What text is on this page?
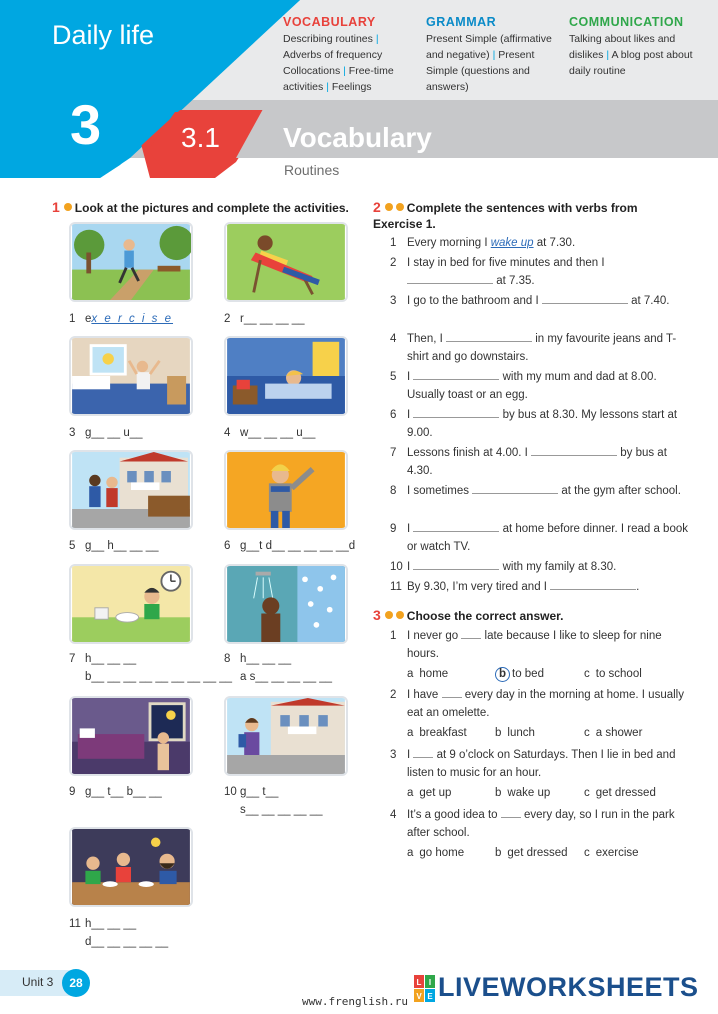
Daily life
3	3.1 Vocabulary
Routines
VOCABULARY
Describing routines | Adverbs of frequency Collocations | Free-time activities | Feelings
GRAMMAR
Present Simple (affirmative and negative) | Present Simple (questions and answers)
COMMUNICATION
Talking about likes and dislikes | A blog post about daily routine
1 Look at the pictures and complete the activities.
1 ex e r c i s e	2 r__ __ __ __
3 g__ __ u__	4 w__ __ __ u__
5 g__ h__ __ __	6 g__t d__ __ __ __ __d
7 h__ __ __
b__ __ __ __ __ __ __ __ __
8 h__ __ __
a s__ __ __ __ __
9 g__ t__ b__ __	10 g__ t__
s__ __ __ __ __
11 h__ __ __
d__ __ __ __ __
2 Complete the sentences with verbs from Exercise 1.
1 Every morning I wake up at 7.30.
2 I stay in bed for five minutes and then I  at 7.35.
3 I go to the bathroom and I	at 7.40.
4 Then, I	in my favourite jeans and T-shirt and go downstairs.
5 I	with my mum and dad at 8.00. Usually toast or an egg.
6 I	by bus at 8.30. My lessons start at 9.00.
7 Lessons finish at 4.00. I	by bus at 4.30.
8 I sometimes	at the gym after school.
9 I	at home before dinner. I read a book or watch TV.
10 I	with my family at 8.30.
11 By 9.30, I’m very tired and I	.
3 Choose the correct answer.
1 I never go  late because I like to sleep for nine hours.
a home	b to bed	c to school
2 I have  every day in the morning at home. I usually eat an omelette.
a breakfast b lunch	c a shower
3 I  at 9 o’clock on Saturdays. Then I lie in bed and listen to music for an hour.
a get up	b wake up	c get dressed
4 It’s a good idea to  every day, so I run in the park after school.
a go home	b get dressed c exercise
Unit 3	28
www.frenglish.ru
L I
V E LIVEWORKSHEETS
